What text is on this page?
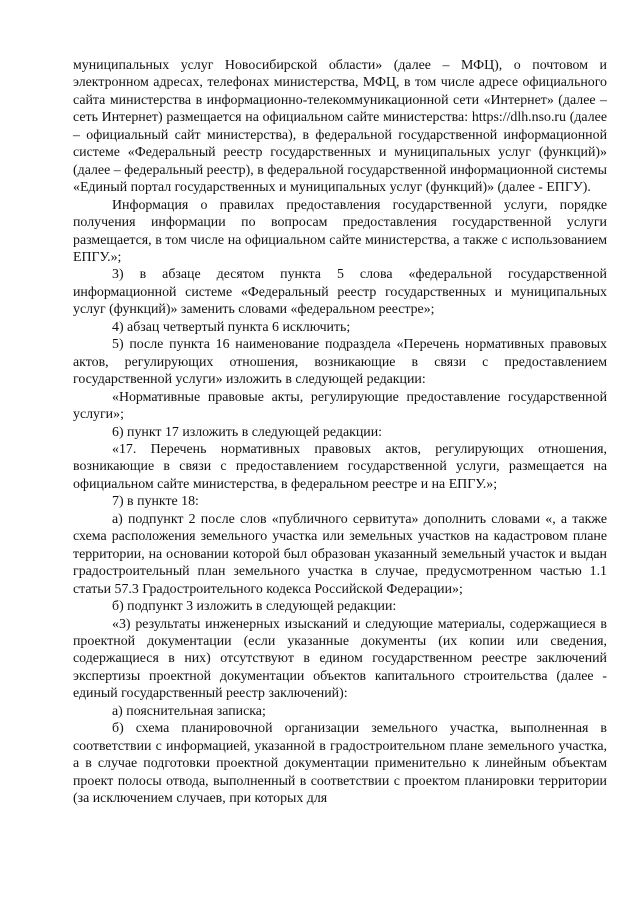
муниципальных услуг Новосибирской области» (далее – МФЦ), о почтовом и электронном адресах, телефонах министерства, МФЦ, в том числе адресе официального сайта министерства в информационно-телекоммуникационной сети «Интернет» (далее – сеть Интернет) размещается на официальном сайте министерства: https://dlh.nso.ru (далее – официальный сайт министерства), в федеральной государственной информационной системе «Федеральный реестр государственных и муниципальных услуг (функций)» (далее – федеральный реестр), в федеральной государственной информационной системы «Единый портал государственных и муниципальных услуг (функций)» (далее - ЕПГУ).

Информация о правилах предоставления государственной услуги, порядке получения информации по вопросам предоставления государственной услуги размещается, в том числе на официальном сайте министерства, а также с использованием ЕПГУ.»;

3) в абзаце десятом пункта 5 слова «федеральной государственной информационной системе «Федеральный реестр государственных и муниципальных услуг (функций)» заменить словами «федеральном реестре»;

4) абзац четвертый пункта 6 исключить;

5) после пункта 16 наименование подраздела «Перечень нормативных правовых актов, регулирующих отношения, возникающие в связи с предоставлением государственной услуги» изложить в следующей редакции:

«Нормативные правовые акты, регулирующие предоставление государственной услуги»;

6) пункт 17 изложить в следующей редакции:

«17. Перечень нормативных правовых актов, регулирующих отношения, возникающие в связи с предоставлением государственной услуги, размещается на официальном сайте министерства, в федеральном реестре и на ЕПГУ.»;

7) в пункте 18:

а) подпункт 2 после слов «публичного сервитута» дополнить словами «, а также схема расположения земельного участка или земельных участков на кадастровом плане территории, на основании которой был образован указанный земельный участок и выдан градостроительный план земельного участка в случае, предусмотренном частью 1.1 статьи 57.3 Градостроительного кодекса Российской Федерации»;

б) подпункт 3 изложить в следующей редакции:

«3) результаты инженерных изысканий и следующие материалы, содержащиеся в проектной документации (если указанные документы (их копии или сведения, содержащиеся в них) отсутствуют в едином государственном реестре заключений экспертизы проектной документации объектов капитального строительства (далее - единый государственный реестр заключений):

а) пояснительная записка;

б) схема планировочной организации земельного участка, выполненная в соответствии с информацией, указанной в градостроительном плане земельного участка, а в случае подготовки проектной документации применительно к линейным объектам проект полосы отвода, выполненный в соответствии с проектом планировки территории (за исключением случаев, при которых для
